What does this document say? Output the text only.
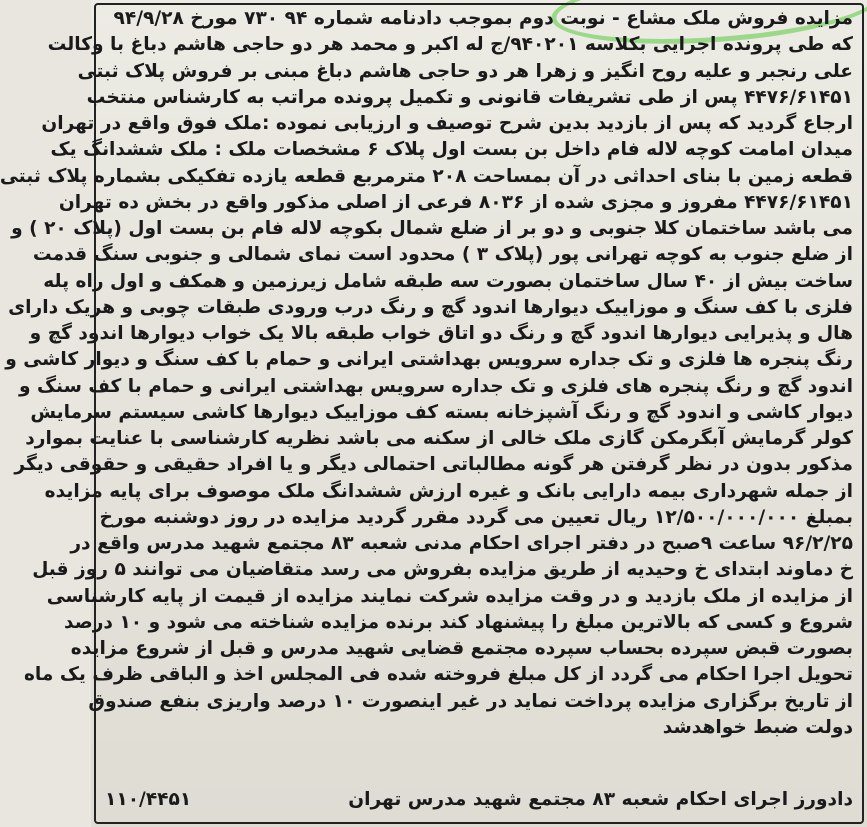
مزایده فروش ملک مشاع - نوبت دوم بموجب دادنامه شماره ۹۴ ۷۳۰ مورخ ۹۴/۹/۲۸
که طی پرونده اجرایی بکلاسه ۹۴۰۲۰۱/ج له اکبر و محمد هر دو حاجی هاشم دباغ با وکالت
علی رنجبر و علیه روح انگیز و زهرا هر دو حاجی هاشم دباغ مبنی بر فروش پلاک ثبتی
۴۴۷۶/۶۱۴۵۱ پس از طی تشریفات قانونی و تکمیل پرونده مراتب به کارشناس منتخب
ارجاع گردید که پس از بازدید بدین شرح توصیف و ارزیابی نموده :ملک فوق واقع در تهران
میدان امامت کوچه لاله فام داخل بن بست اول پلاک ۶ مشخصات ملک : ملک ششدانگ یک
قطعه زمین با بنای احداثی در آن بمساحت ۲۰۸ مترمربع قطعه یازده تفکیکی بشماره پلاک ثبتی
۴۴۷۶/۶۱۴۵۱ مفروز و مجزی شده از ۸۰۳۶ فرعی از اصلی مذکور واقع در بخش ده تهران
می باشد ساختمان کلا جنوبی و دو بر از ضلع شمال بکوچه لاله فام بن بست اول (پلاک ۲۰ ) و
از ضلع جنوب به کوچه تهرانی پور (پلاک ۳ ) محدود است نمای شمالی و جنوبی سنگ قدمت
ساخت بیش از ۴۰ سال ساختمان بصورت سه طبقه شامل زیرزمین و همکف و اول راه پله
فلزی با کف سنگ و موزاییک دیوارها اندود گچ و رنگ درب ورودی طبقات چوبی و هریک دارای
هال و پذیرایی دیوارها اندود گچ و رنگ دو اتاق خواب طبقه بالا یک خواب دیوارها اندود گچ و
رنگ پنجره ها فلزی و تک جداره سرویس بهداشتی ایرانی و حمام با کف سنگ و دیوار کاشی و
اندود گچ و رنگ پنجره های فلزی و تک جداره سرویس بهداشتی ایرانی و حمام با کف سنگ و
دیوار کاشی و اندود گچ و رنگ آشپزخانه بسته کف موزاییک دیوارها کاشی سیستم سرمایش
کولر گرمایش آبگرمکن گازی ملک خالی از سکنه می باشد نظریه کارشناسی با عنایت بموارد
مذکور بدون در نظر گرفتن هر گونه مطالباتی احتمالی دیگر و یا افراد حقیقی و حقوقی دیگر
از جمله شهرداری بیمه دارایی بانک و غیره ارزش ششدانگ ملک موصوف برای پایه مزایده
بمبلغ ۱۲/۵۰۰/۰۰۰/۰۰۰ ریال تعیین می گردد مقرر گردید مزایده در روز دوشنبه مورخ
۹۶/۲/۲۵ ساعت ۹صبح در دفتر اجرای احکام مدنی شعبه ۸۳ مجتمع شهید مدرس واقع در
خ دماوند ابتدای خ وحیدیه از طریق مزایده بفروش می رسد متقاضیان می توانند ۵ روز قبل
از مزایده از ملک بازدید و در وقت مزایده شرکت نمایند مزایده از قیمت از پایه کارشناسی
شروع و کسی که بالاترین مبلغ را پیشنهاد کند برنده مزایده شناخته می شود و ۱۰ درصد
بصورت قبض سپرده بحساب سپرده مجتمع قضایی شهید مدرس و قبل از شروع مزایده
تحویل اجرا احکام می گردد از کل مبلغ فروخته شده فی المجلس اخذ و الباقی ظرف یک ماه
از تاریخ برگزاری مزایده پرداخت نماید در غیر اینصورت ۱۰ درصد واریزی بنفع صندوق
دولت ضبط خواهدشد
دادورز اجرای احکام شعبه ۸۳ مجتمع شهید مدرس تهران
۱۱۰/۴۴۵۱
